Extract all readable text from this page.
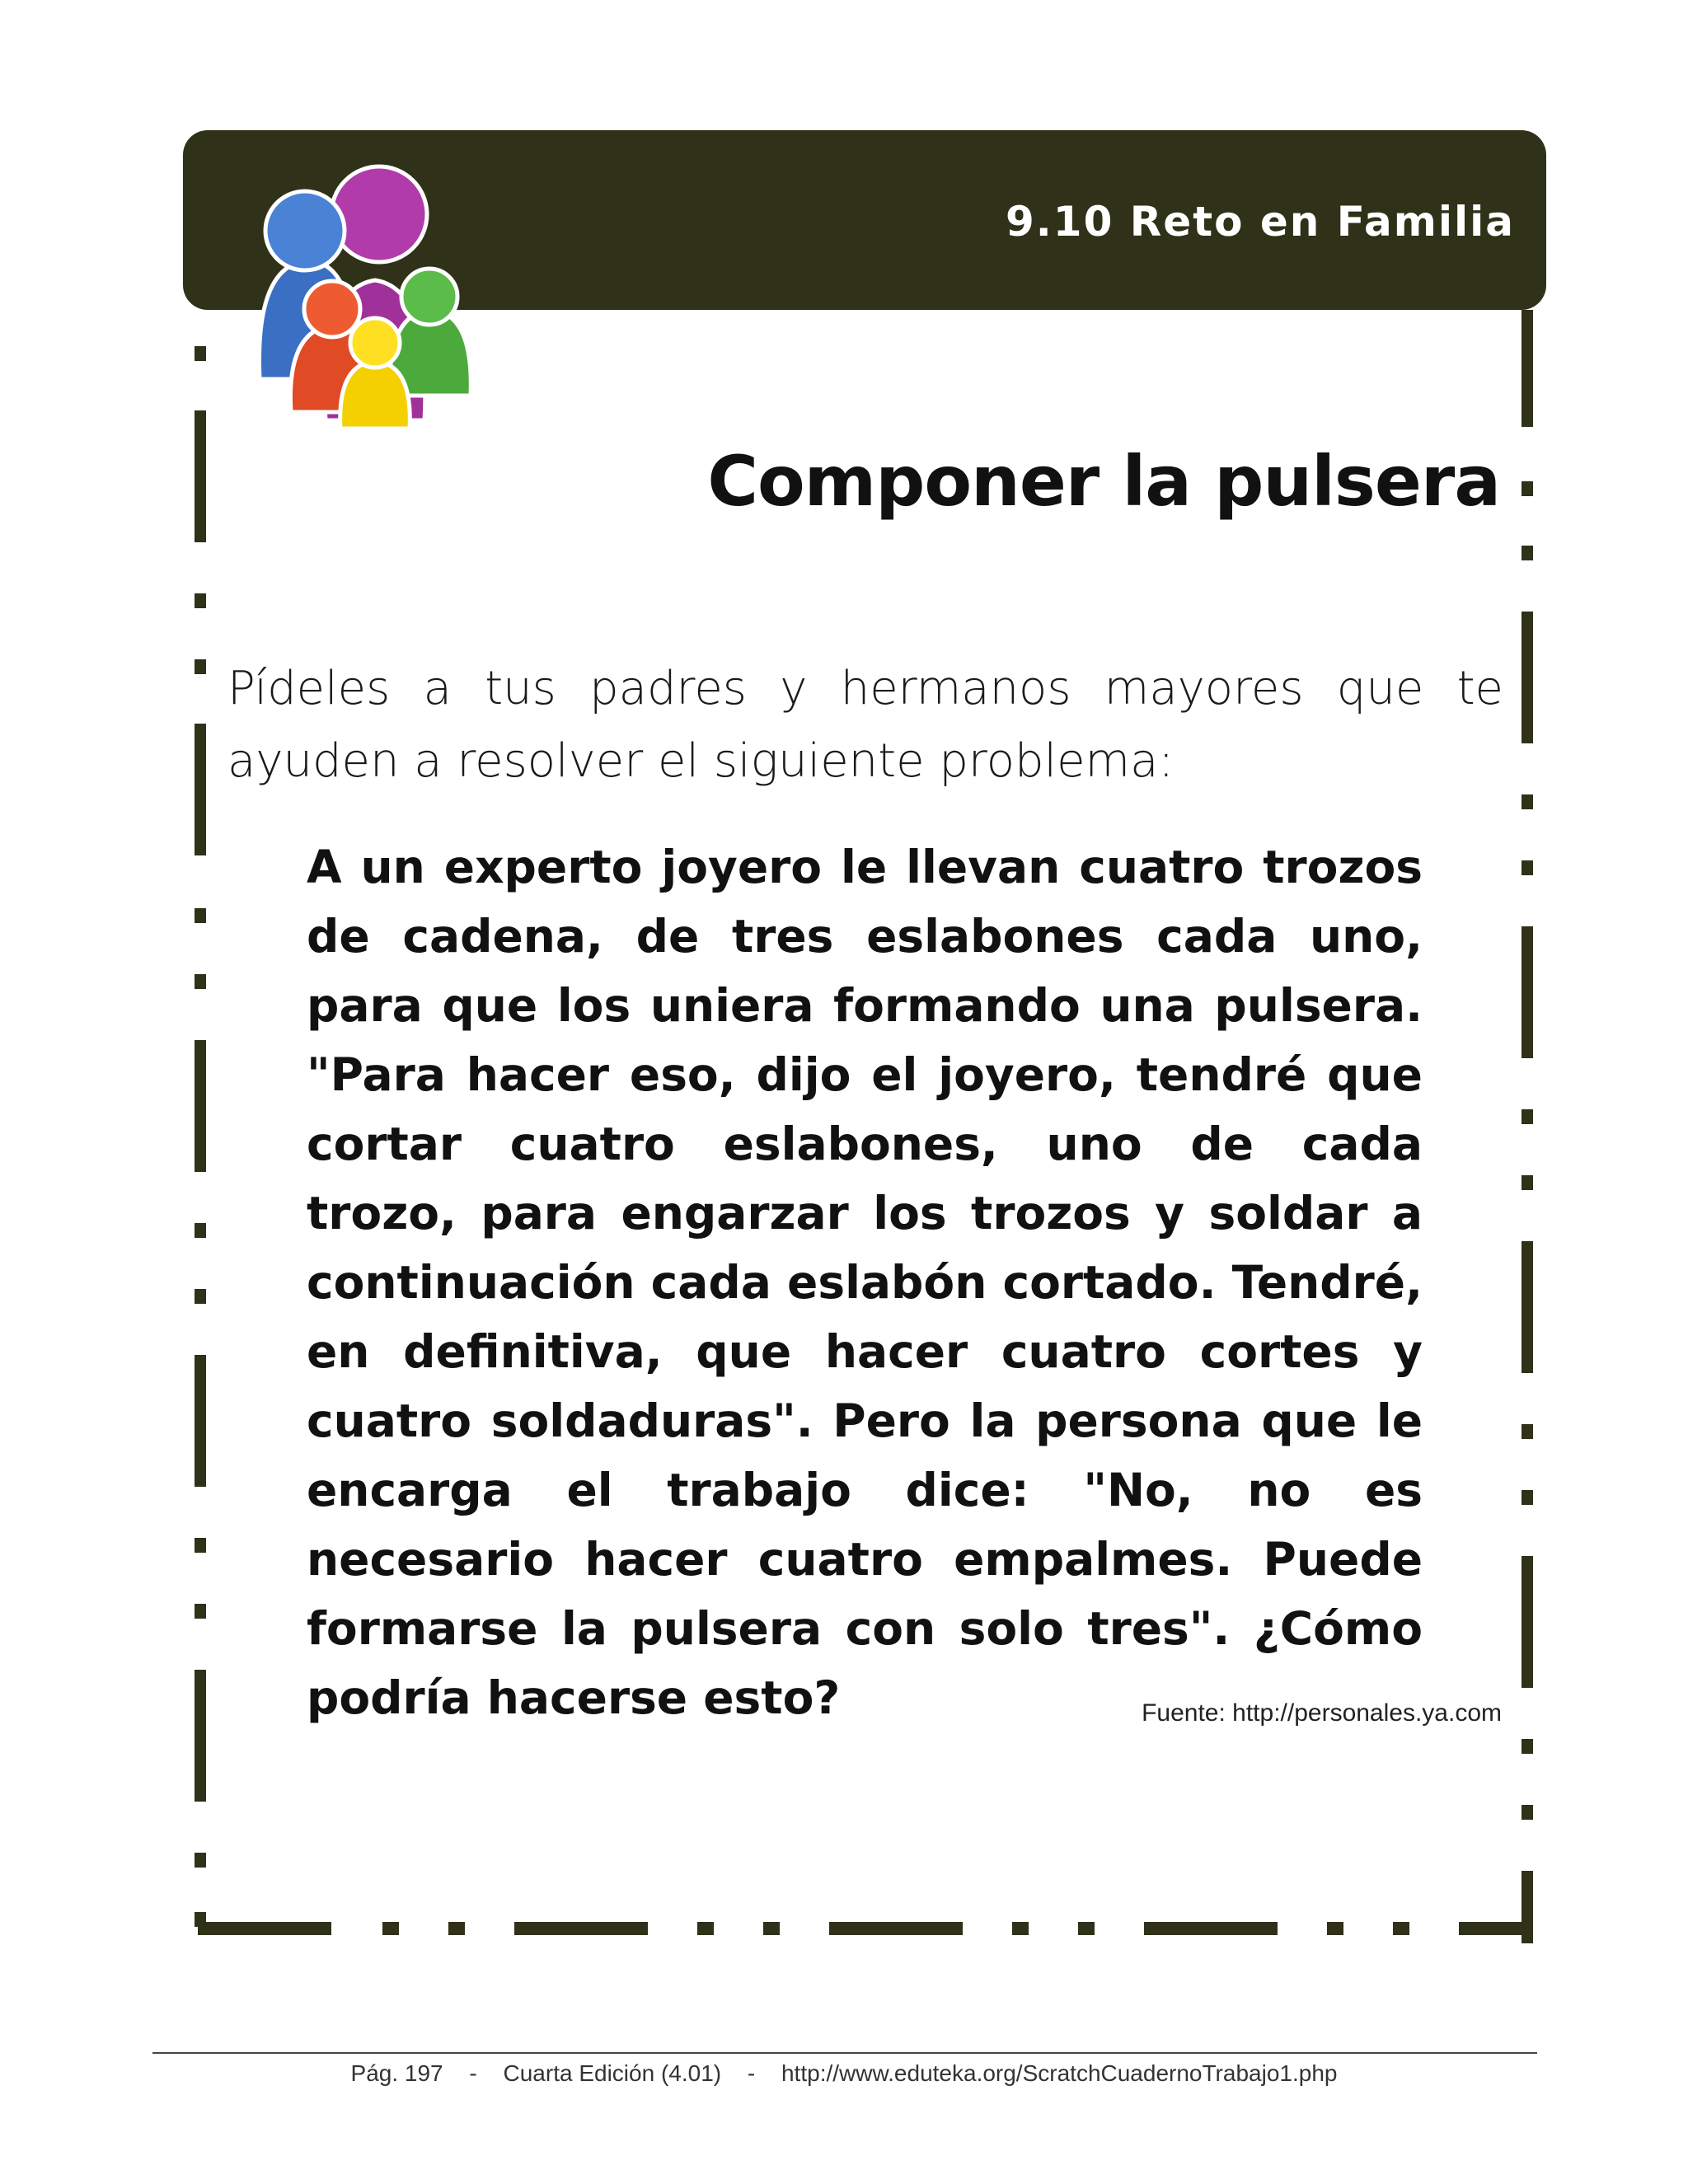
9.10 Reto en Familia
Componer la pulsera

Pídeles a tus padres y hermanos mayores que te ayuden a resolver el siguiente problema:

A un experto joyero le llevan cuatro trozos de cadena, de tres eslabones cada uno, para que los uniera formando una pulsera. "Para hacer eso, dijo el joyero, tendré que cortar cuatro eslabones, uno de cada trozo, para engarzar los trozos y soldar a continuación cada eslabón cortado. Tendré, en definitiva, que hacer cuatro cortes y cuatro soldaduras". Pero la persona que le encarga el trabajo dice: "No, no es necesario hacer cuatro empalmes. Puede formarse la pulsera con solo tres". ¿Cómo podría hacerse esto?	Fuente: http://personales.ya.com
Pág. 197 - Cuarta Edición (4.01) - http://www.eduteka.org/ScratchCuadernoTrabajo1.php
